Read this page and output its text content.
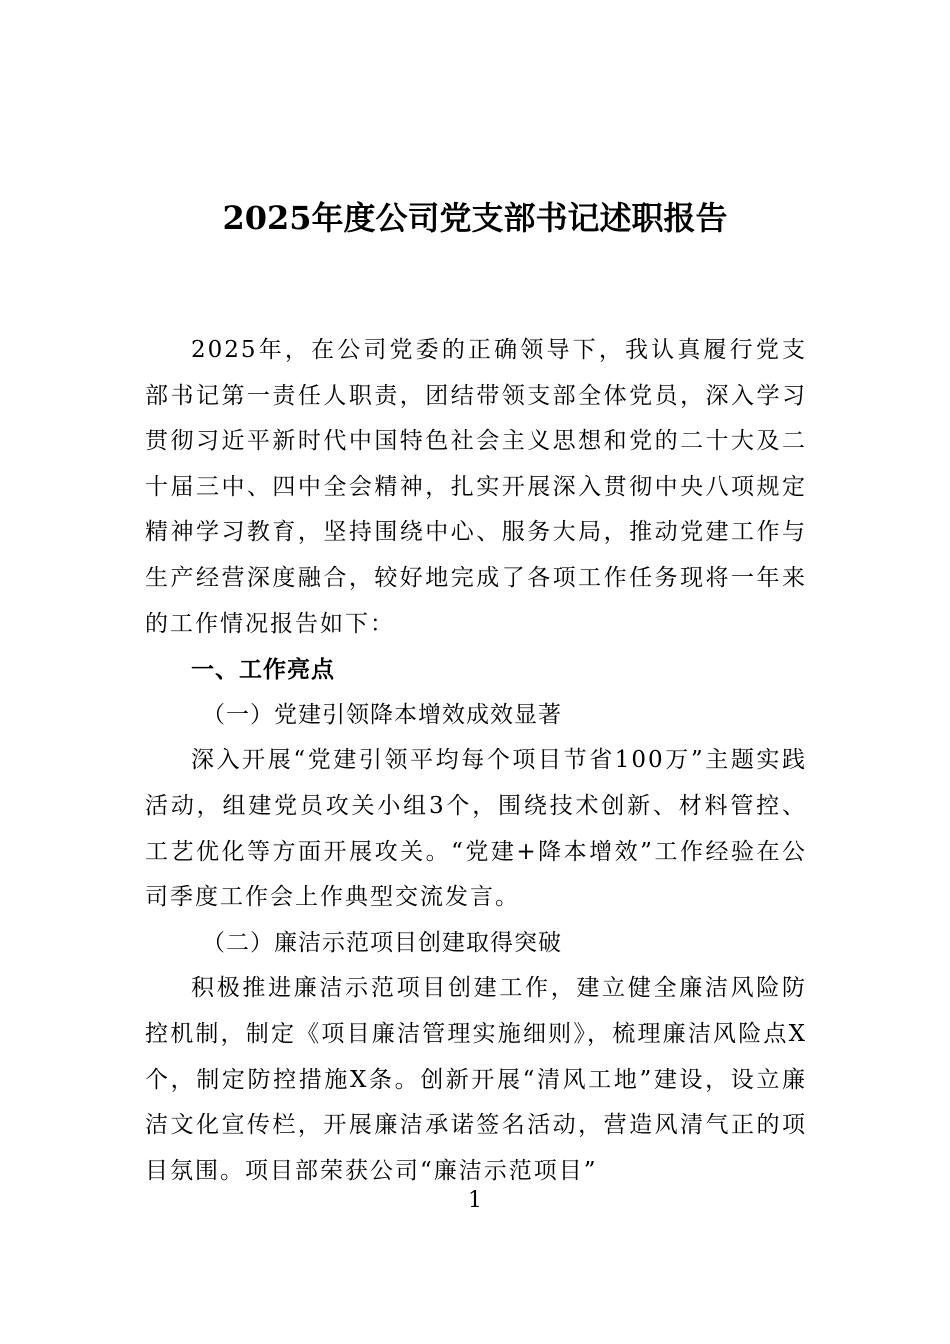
2025年度公司党支部书记述职报告

2025年，在公司党委的正确领导下，我认真履行党支部书记第一责任人职责，团结带领支部全体党员，深入学习贯彻习近平新时代中国特色社会主义思想和党的二十大及二十届三中、四中全会精神，扎实开展深入贯彻中央八项规定精神学习教育，坚持围绕中心、服务大局，推动党建工作与生产经营深度融合，较好地完成了各项工作任务现将一年来的工作情况报告如下：

一、工作亮点

（一）党建引领降本增效成效显著

深入开展“党建引领平均每个项目节省100万”主题实践活动，组建党员攻关小组3个，围绕技术创新、材料管控、工艺优化等方面开展攻关。“党建+降本增效”工作经验在公司季度工作会上作典型交流发言。

（二）廉洁示范项目创建取得突破

积极推进廉洁示范项目创建工作，建立健全廉洁风险防控机制，制定《项目廉洁管理实施细则》，梳理廉洁风险点X个，制定防控措施X条。创新开展“清风工地”建设，设立廉洁文化宣传栏，开展廉洁承诺签名活动，营造风清气正的项目氛围。项目部荣获公司“廉洁示范项目”

1
